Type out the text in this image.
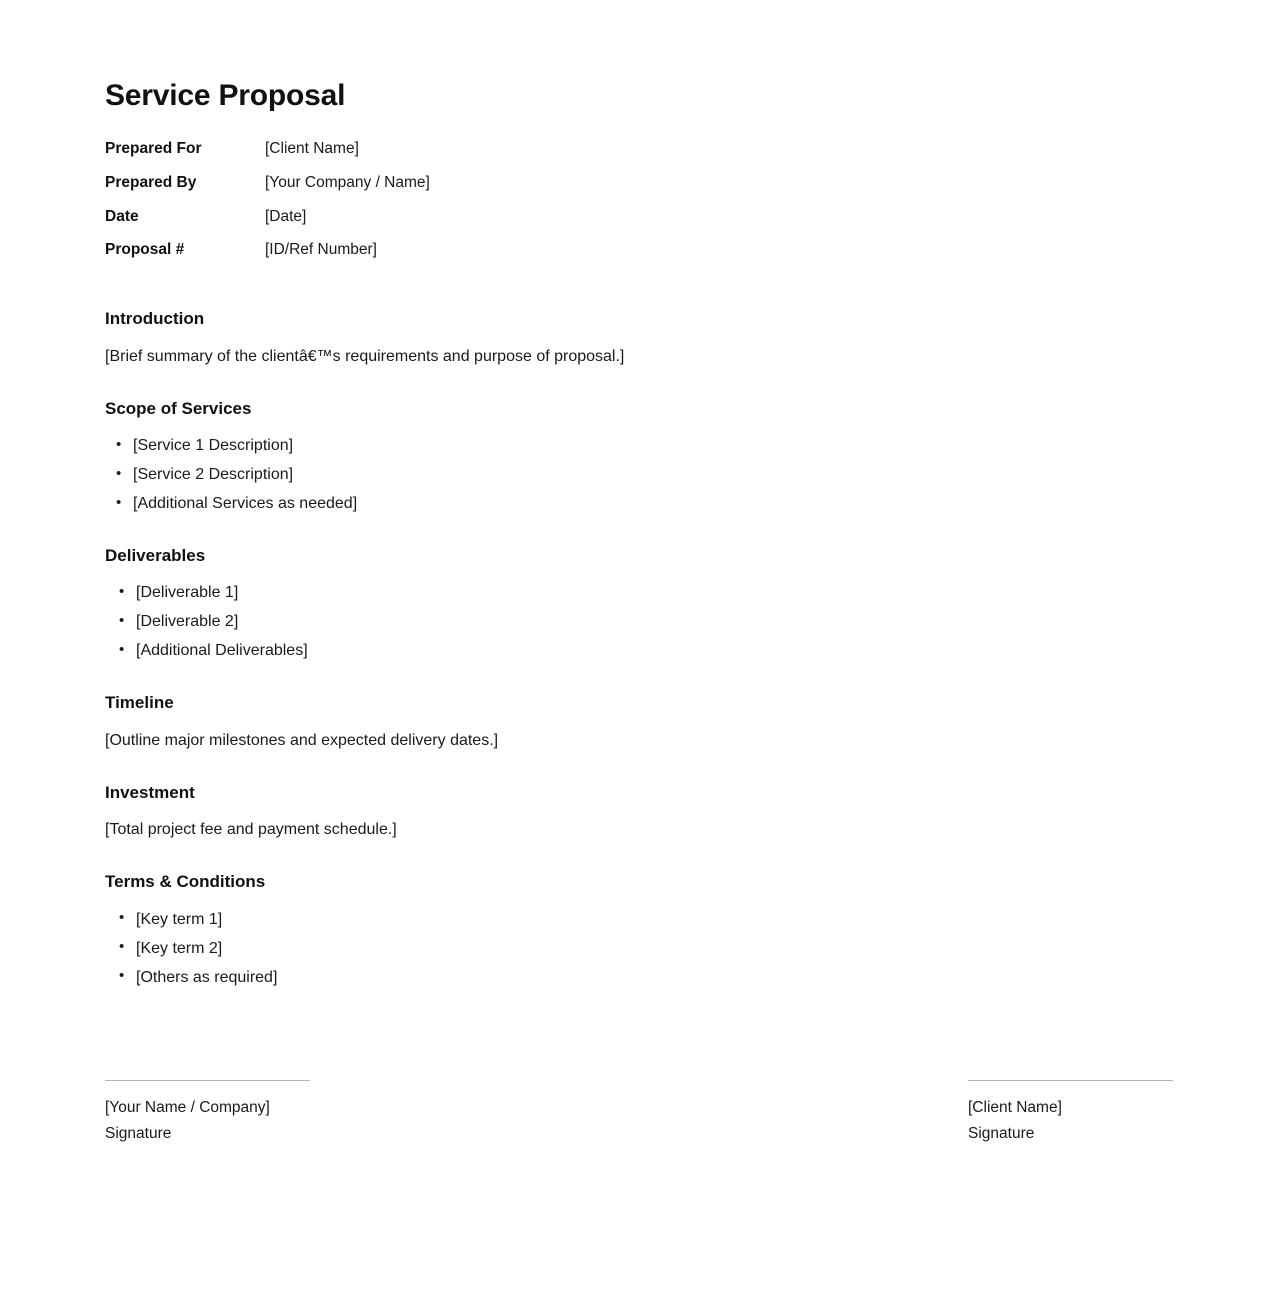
Service Proposal
Prepared For	[Client Name]
Prepared By	[Your Company / Name]
Date	[Date]
Proposal #	[ID/Ref Number]
Introduction

[Brief summary of the clientâ€™s requirements and purpose of proposal.]

Scope of Services
• [Service 1 Description]
• [Service 2 Description]
• [Additional Services as needed]
Deliverables
• [Deliverable 1]
• [Deliverable 2]
• [Additional Deliverables]
Timeline

[Outline major milestones and expected delivery dates.]

Investment

[Total project fee and payment schedule.]

Terms & Conditions
• [Key term 1]
• [Key term 2]
• [Others as required]

[Your Name / Company]

Signature

[Client Name]

Signature
